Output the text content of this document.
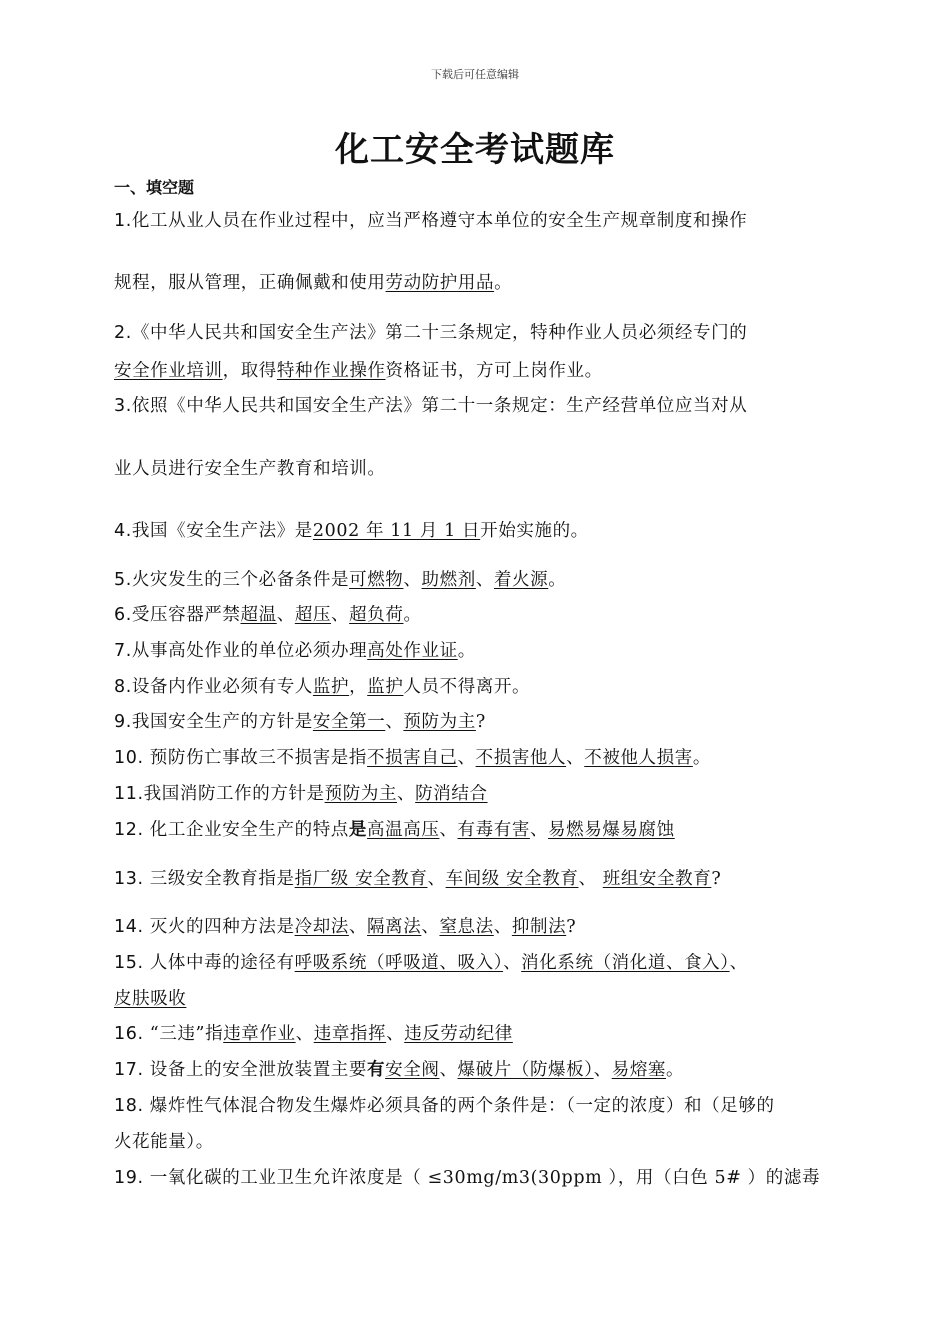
下载后可任意编辑
化工安全考试题库
一、填空题
1.化工从业人员在作业过程中，应当严格遵守本单位的安全生产规章制度和操作
规程，服从管理，正确佩戴和使用劳动防护用品。
2.《中华人民共和国安全生产法》第二十三条规定，特种作业人员必须经专门的
安全作业培训，取得特种作业操作资格证书，方可上岗作业。
3.依照《中华人民共和国安全生产法》第二十一条规定：生产经营单位应当对从
业人员进行安全生产教育和培训。
4.我国《安全生产法》是2002 年 11 月 1 日开始实施的。
5.火灾发生的三个必备条件是可燃物、助燃剂、着火源。
6.受压容器严禁超温、超压、超负荷。
7.从事高处作业的单位必须办理高处作业证。
8.设备内作业必须有专人监护，监护人员不得离开。
9.我国安全生产的方针是安全第一、预防为主?
10. 预防伤亡事故三不损害是指不损害自己、不损害他人、不被他人损害。
11.我国消防工作的方针是预防为主、防消结合
12. 化工企业安全生产的特点是高温高压、有毒有害、易燃易爆易腐蚀
13. 三级安全教育指是指厂级 安全教育、车间级 安全教育、 班组安全教育?
14. 灭火的四种方法是冷却法、隔离法、窒息法、抑制法?
15. 人体中毒的途径有呼吸系统（呼吸道、吸入）、消化系统（消化道、食入）、
皮肤吸收
16. “三违”指违章作业、违章指挥、违反劳动纪律
17. 设备上的安全泄放装置主要有安全阀、爆破片（防爆板）、易熔塞。
18. 爆炸性气体混合物发生爆炸必须具备的两个条件是：（一定的浓度）和（足够的
火花能量）。
19. 一氧化碳的工业卫生允许浓度是（ ≤30mg/m3(30ppm ），用（白色 5# ）的滤毒
